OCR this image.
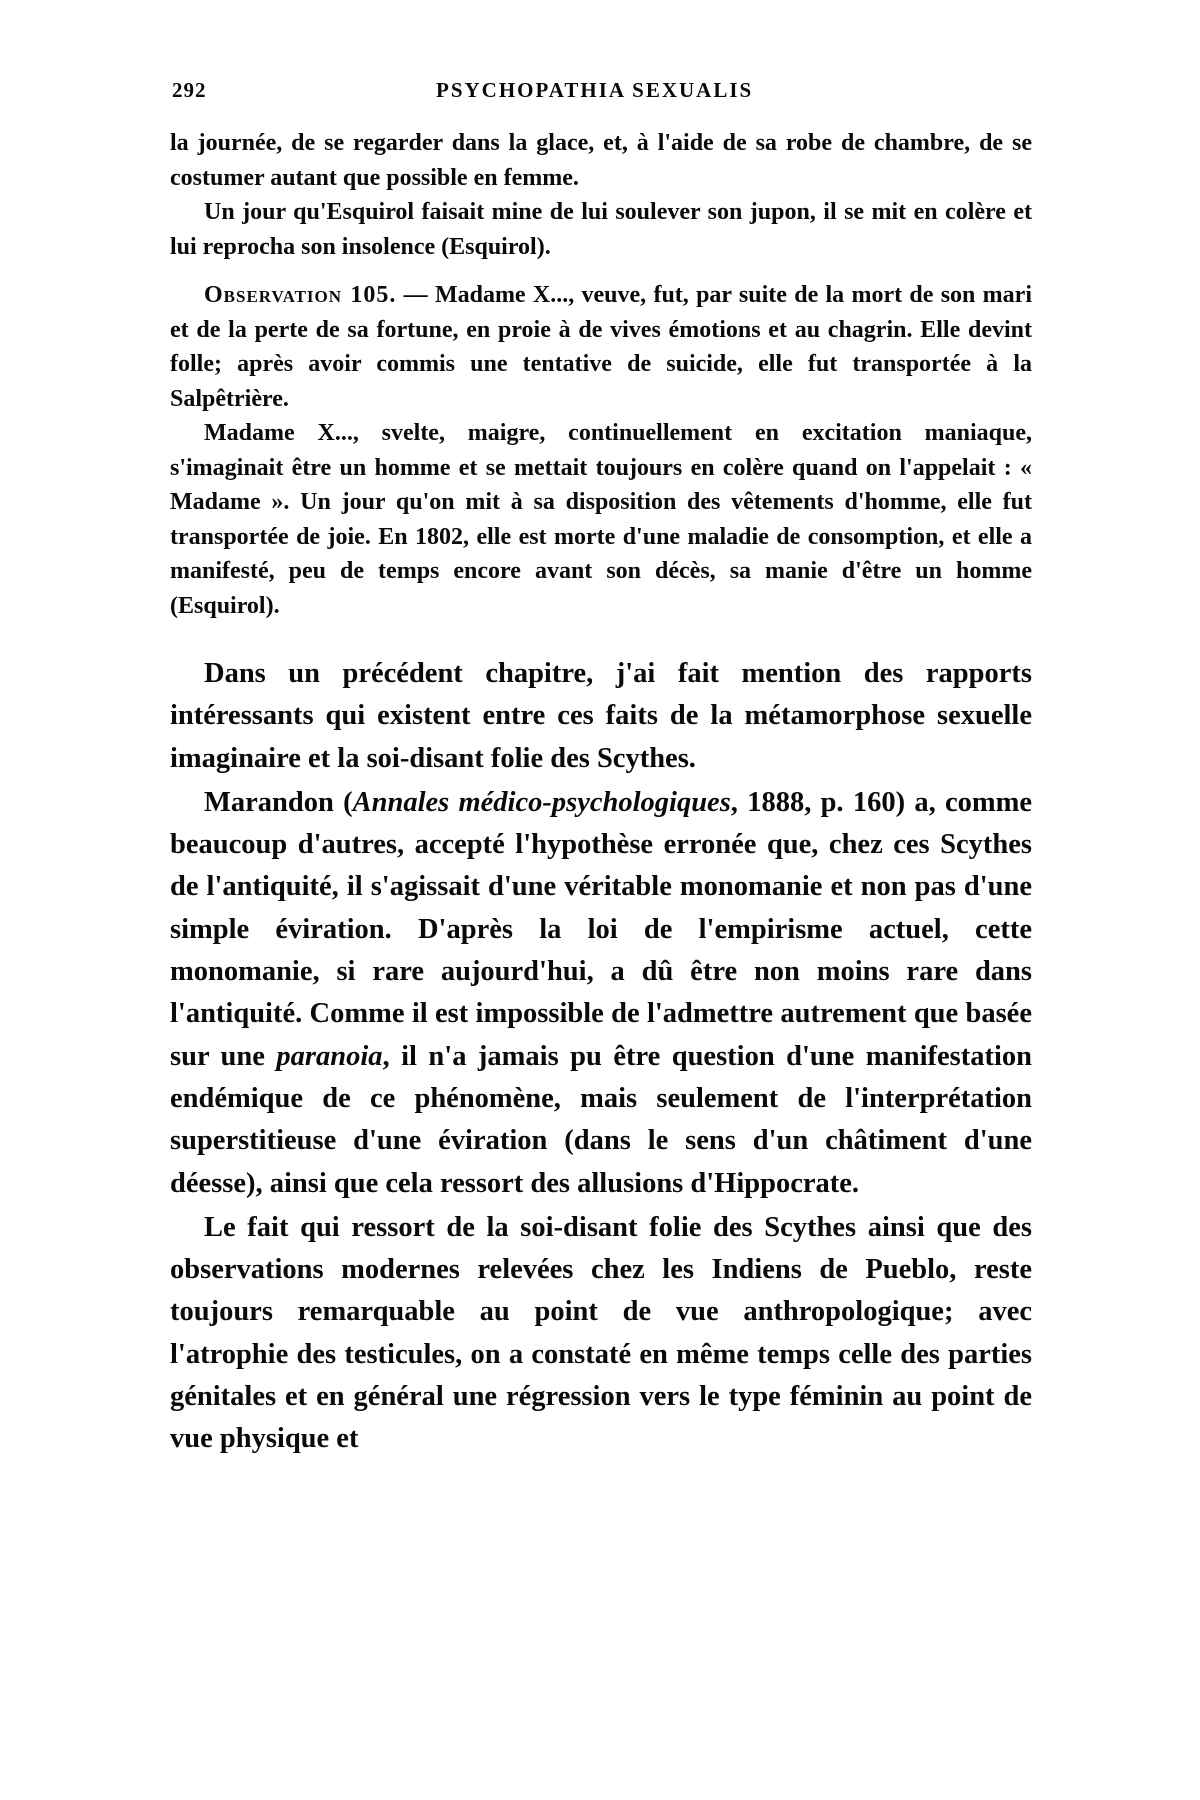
292	PSYCHOPATHIA SEXUALIS

la journée, de se regarder dans la glace, et, à l'aide de sa robe de chambre, de se costumer autant que possible en femme.

Un jour qu'Esquirol faisait mine de lui soulever son jupon, il se mit en colère et lui reprocha son insolence (Esquirol).

Observation 105. — Madame X..., veuve, fut, par suite de la mort de son mari et de la perte de sa fortune, en proie à de vives émotions et au chagrin. Elle devint folle; après avoir commis une tentative de suicide, elle fut transportée à la Salpêtrière.

Madame X..., svelte, maigre, continuellement en excitation maniaque, s'imaginait être un homme et se mettait toujours en colère quand on l'appelait : « Madame ». Un jour qu'on mit à sa disposition des vêtements d'homme, elle fut transportée de joie. En 1802, elle est morte d'une maladie de consomption, et elle a manifesté, peu de temps encore avant son décès, sa manie d'être un homme (Esquirol).

Dans un précédent chapitre, j'ai fait mention des rapports intéressants qui existent entre ces faits de la métamorphose sexuelle imaginaire et la soi-disant folie des Scythes.

Marandon (Annales médico-psychologiques, 1888, p. 160) a, comme beaucoup d'autres, accepté l'hypothèse erronée que, chez ces Scythes de l'antiquité, il s'agissait d'une véritable monomanie et non pas d'une simple éviration. D'après la loi de l'empirisme actuel, cette monomanie, si rare aujourd'hui, a dû être non moins rare dans l'antiquité. Comme il est impossible de l'admettre autrement que basée sur une paranoia, il n'a jamais pu être question d'une manifestation endémique de ce phénomène, mais seulement de l'interprétation superstitieuse d'une éviration (dans le sens d'un châtiment d'une déesse), ainsi que cela ressort des allusions d'Hippocrate.

Le fait qui ressort de la soi-disant folie des Scythes ainsi que des observations modernes relevées chez les Indiens de Pueblo, reste toujours remarquable au point de vue anthropologique; avec l'atrophie des testicules, on a constaté en même temps celle des parties génitales et en général une régression vers le type féminin au point de vue physique et
